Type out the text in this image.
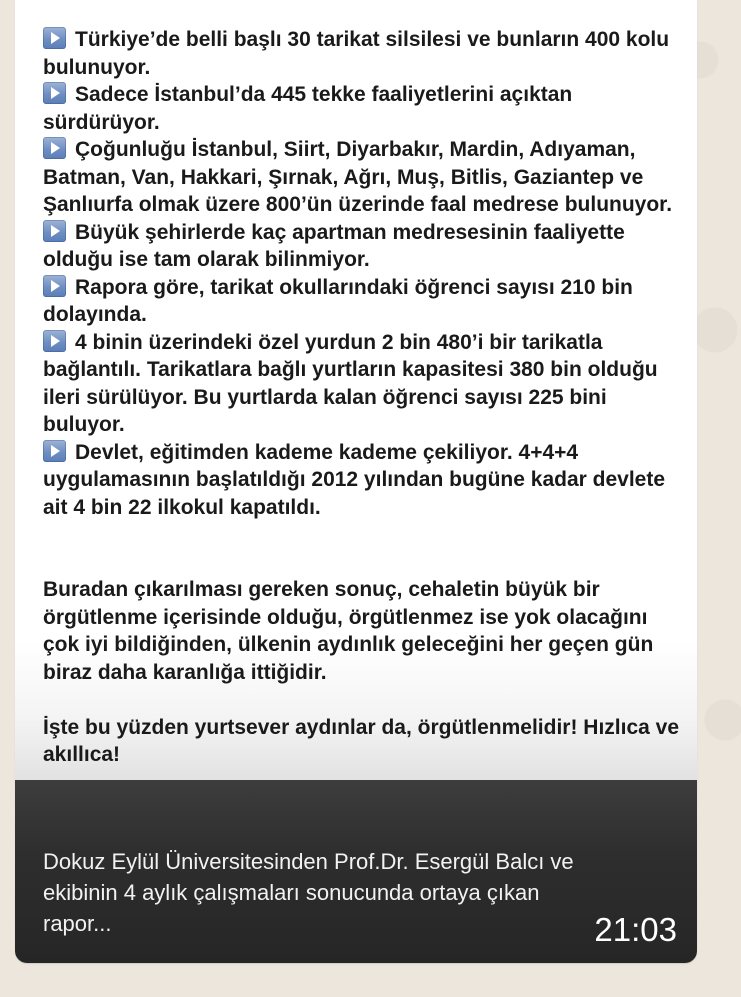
Türkiye’de belli başlı 30 tarikat silsilesi ve bunların 400 kolu bulunuyor.

Sadece İstanbul’da 445 tekke faaliyetlerini açıktan sürdürüyor.

Çoğunluğu İstanbul, Siirt, Diyarbakır, Mardin, Adıyaman, Batman, Van, Hakkari, Şırnak, Ağrı, Muş, Bitlis, Gaziantep ve Şanlıurfa olmak üzere 800’ün üzerinde faal medrese bulunuyor.

Büyük şehirlerde kaç apartman medresesinin faaliyette olduğu ise tam olarak bilinmiyor.

Rapora göre, tarikat okullarındaki öğrenci sayısı 210 bin dolayında.

4 binin üzerindeki özel yurdun 2 bin 480’i bir tarikatla bağlantılı. Tarikatlara bağlı yurtların kapasitesi 380 bin olduğu ileri sürülüyor. Bu yurtlarda kalan öğrenci sayısı 225 bini buluyor.

Devlet, eğitimden kademe kademe çekiliyor. 4+4+4 uygulamasının başlatıldığı 2012 yılından bugüne kadar devlete ait 4 bin 22 ilkokul kapatıldı.

Buradan çıkarılması gereken sonuç, cehaletin büyük bir örgütlenme içerisinde olduğu, örgütlenmez ise yok olacağını çok iyi bildiğinden, ülkenin aydınlık geleceğini her geçen gün biraz daha karanlığa ittiğidir.

İşte bu yüzden yurtsever aydınlar da, örgütlenmelidir! Hızlıca ve akıllıca!

Dokuz Eylül Üniversitesinden Prof.Dr. Esergül Balcı ve ekibinin 4 aylık çalışmaları sonucunda ortaya çıkan rapor...	21:03
